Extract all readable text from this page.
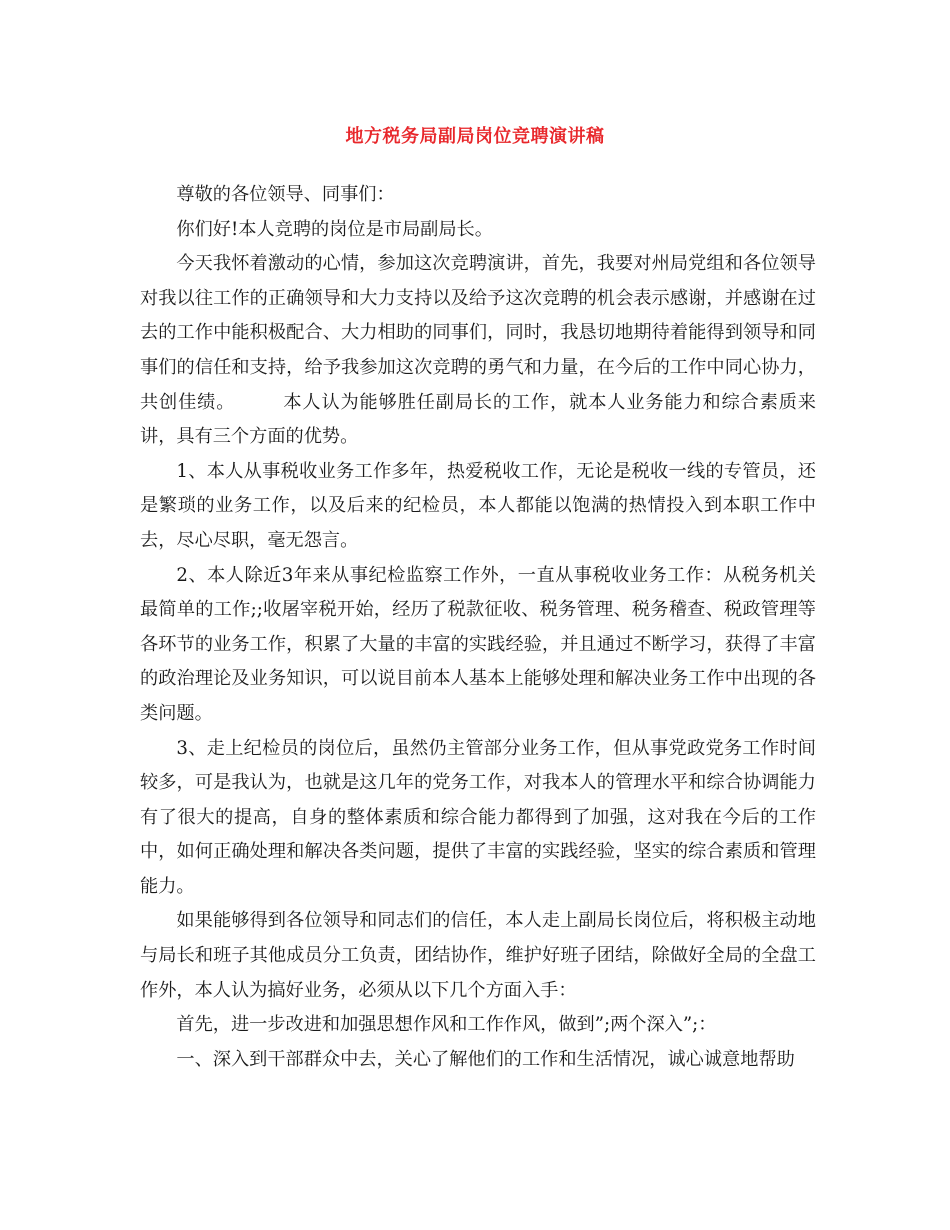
地方税务局副局岗位竞聘演讲稿

尊敬的各位领导、同事们：

你们好!本人竞聘的岗位是市局副局长。

今天我怀着激动的心情，参加这次竞聘演讲，首先，我要对州局党组和各位领导对我以往工作的正确领导和大力支持以及给予这次竞聘的机会表示感谢，并感谢在过去的工作中能积极配合、大力相助的同事们，同时，我恳切地期待着能得到领导和同事们的信任和支持，给予我参加这次竞聘的勇气和力量，在今后的工作中同心协力，共创佳绩。　　　本人认为能够胜任副局长的工作，就本人业务能力和综合素质来讲，具有三个方面的优势。

1、本人从事税收业务工作多年，热爱税收工作，无论是税收一线的专管员，还是繁琐的业务工作，以及后来的纪检员，本人都能以饱满的热情投入到本职工作中去，尽心尽职，毫无怨言。

2、本人除近3年来从事纪检监察工作外，一直从事税收业务工作：从税务机关最简单的工作;;收屠宰税开始，经历了税款征收、税务管理、税务稽查、税政管理等各环节的业务工作，积累了大量的丰富的实践经验，并且通过不断学习，获得了丰富的政治理论及业务知识，可以说目前本人基本上能够处理和解决业务工作中出现的各类问题。

3、走上纪检员的岗位后，虽然仍主管部分业务工作，但从事党政党务工作时间较多，可是我认为，也就是这几年的党务工作，对我本人的管理水平和综合协调能力有了很大的提高，自身的整体素质和综合能力都得到了加强，这对我在今后的工作中，如何正确处理和解决各类问题，提供了丰富的实践经验，坚实的综合素质和管理能力。

如果能够得到各位领导和同志们的信任，本人走上副局长岗位后，将积极主动地与局长和班子其他成员分工负责，团结协作，维护好班子团结，除做好全局的全盘工作外，本人认为搞好业务，必须从以下几个方面入手：

首先，进一步改进和加强思想作风和工作作风，做到”;两个深入”;：

一、深入到干部群众中去，关心了解他们的工作和生活情况，诚心诚意地帮助
